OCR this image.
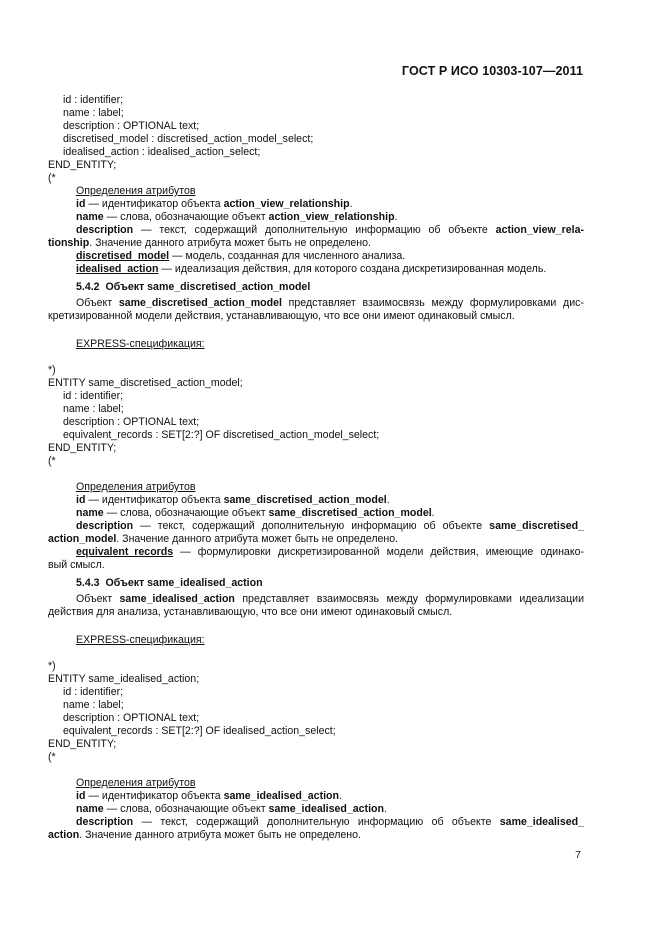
ГОСТ Р ИСО 10303-107—2011
id : identifier;
name : label;
description : OPTIONAL text;
discretised_model : discretised_action_model_select;
idealised_action : idealised_action_select;
END_ENTITY;
(*
Определения атрибутов
id — идентификатор объекта action_view_relationship.
name — слова, обозначающие объект action_view_relationship.
description — текст, содержащий дополнительную информацию об объекте action_view_rela-
tionship. Значение данного атрибута может быть не определено.
discretised_model — модель, созданная для численного анализа.
idealised_action — идеализация действия, для которого создана дискретизированная модель.
5.4.2 Объект same_discretised_action_model
Объект same_discretised_action_model представляет взаимосвязь между формулировками дис-
кретизированной модели действия, устанавливающую, что все они имеют одинаковый смысл.
EXPRESS-спецификация:
*)
ENTITY same_discretised_action_model;
id : identifier;
name : label;
description : OPTIONAL text;
equivalent_records : SET[2:?] OF discretised_action_model_select;
END_ENTITY;
(*
Определения атрибутов
id — идентификатор объекта same_discretised_action_model.
name — слова, обозначающие объект same_discretised_action_model.
description — текст, содержащий дополнительную информацию об объекте same_discretised_
action_model. Значение данного атрибута может быть не определено.
equivalent_records — формулировки дискретизированной модели действия, имеющие одинако-
вый смысл.
5.4.3 Объект same_idealised_action
Объект same_idealised_action представляет взаимосвязь между формулировками идеализации
действия для анализа, устанавливающую, что все они имеют одинаковый смысл.
EXPRESS-спецификация:
*)
ENTITY same_idealised_action;
id : identifier;
name : label;
description : OPTIONAL text;
equivalent_records : SET[2:?] OF idealised_action_select;
END_ENTITY;
(*
Определения атрибутов
id — идентификатор объекта same_idealised_action.
name — слова, обозначающие объект same_idealised_action.
description — текст, содержащий дополнительную информацию об объекте same_idealised_
action. Значение данного атрибута может быть не определено.
7
